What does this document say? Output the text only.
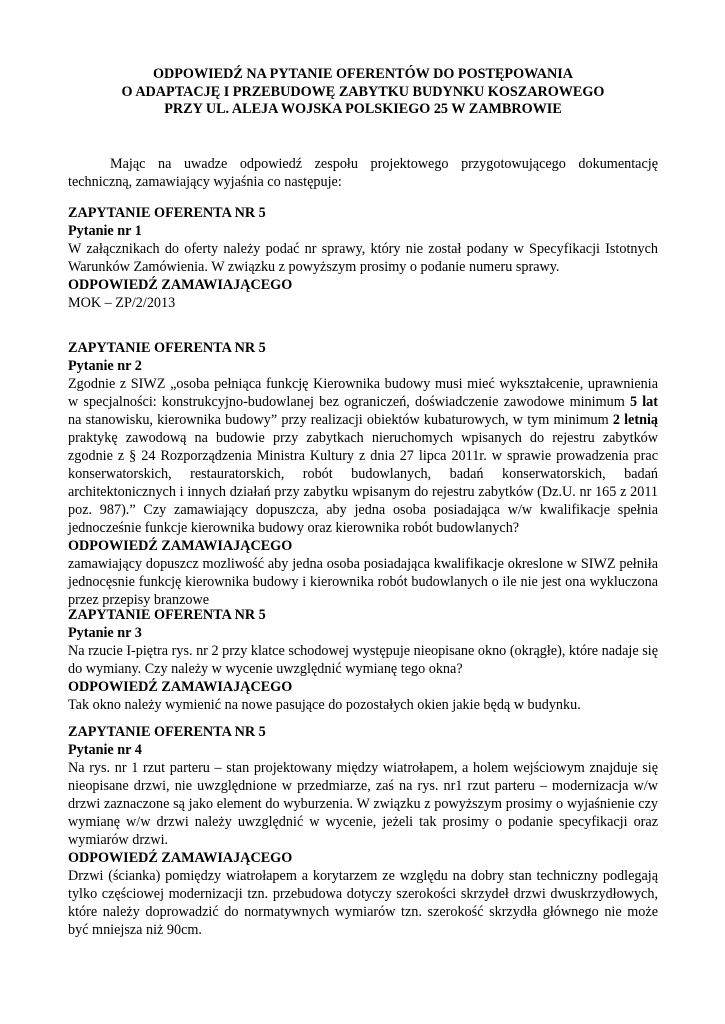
ODPOWIEDŹ NA PYTANIE OFERENTÓW DO POSTĘPOWANIA
O ADAPTACJĘ I PRZEBUDOWĘ ZABYTKU BUDYNKU KOSZAROWEGO
PRZY UL. ALEJA WOJSKA POLSKIEGO 25 W ZAMBROWIE
Mając na uwadze odpowiedź zespołu projektowego przygotowującego dokumentację techniczną, zamawiający wyjaśnia co następuje:
ZAPYTANIE OFERENTA NR 5
Pytanie nr 1
W załącznikach do oferty należy podać nr sprawy, który nie został podany w Specyfikacji Istotnych Warunków Zamówienia. W związku z powyższym prosimy o podanie numeru sprawy.
ODPOWIEDŹ ZAMAWIAJĄCEGO
MOK – ZP/2/2013
ZAPYTANIE OFERENTA NR 5
Pytanie nr 2
Zgodnie z SIWZ „osoba pełniąca funkcję Kierownika budowy musi mieć wykształcenie, uprawnienia w specjalności: konstrukcyjno-budowlanej bez ograniczeń, doświadczenie zawodowe minimum 5 lat na stanowisku, kierownika budowy” przy realizacji obiektów kubaturowych, w tym minimum 2 letnią praktykę zawodową na budowie przy zabytkach nieruchomych wpisanych do rejestru zabytków zgodnie z § 24 Rozporządzenia Ministra Kultury z dnia 27 lipca 2011r. w sprawie prowadzenia prac konserwatorskich, restauratorskich, robót budowlanych, badań konserwatorskich, badań architektonicznych i innych działań przy zabytku wpisanym do rejestru zabytków (Dz.U. nr 165 z 2011 poz. 987).” Czy zamawiający dopuszcza, aby jedna osoba posiadająca w/w kwalifikacje spełnia jednocześnie funkcje kierownika budowy oraz kierownika robót budowlanych?
ODPOWIEDŹ ZAMAWIAJĄCEGO
zamawiający dopuszcz mozliwość aby jedna osoba posiadająca kwalifikacje okreslone w SIWZ pełniła jednocęsnie funkcję kierownika budowy i kierownika robót budowlanych o ile nie jest ona wykluczona przez przepisy branzowe
ZAPYTANIE OFERENTA NR 5
Pytanie nr 3
Na rzucie I-piętra rys. nr 2 przy klatce schodowej występuje nieopisane okno (okrągłe), które nadaje się do wymiany. Czy należy w wycenie uwzględnić wymianę tego okna?
ODPOWIEDŹ ZAMAWIAJĄCEGO
Tak okno należy wymienić na nowe pasujące do pozostałych okien jakie będą w budynku.
ZAPYTANIE OFERENTA NR 5
Pytanie nr 4
Na rys. nr 1 rzut parteru – stan projektowany między wiatrołapem, a holem wejściowym znajduje się nieopisane drzwi, nie uwzględnione w przedmiarze, zaś na rys. nr1 rzut parteru – modernizacja w/w drzwi zaznaczone są jako element do wyburzenia. W związku z powyższym prosimy o wyjaśnienie czy wymianę w/w drzwi należy uwzględnić w wycenie, jeżeli tak prosimy o podanie specyfikacji oraz wymiarów drzwi.
ODPOWIEDŹ ZAMAWIAJĄCEGO
Drzwi (ścianka) pomiędzy wiatrołapem a korytarzem ze względu na dobry stan techniczny podlegają tylko częściowej modernizacji tzn. przebudowa dotyczy szerokości skrzydeł drzwi dwuskrzydłowych, które należy doprowadzić do normatywnych wymiarów tzn. szerokość skrzydła głównego nie może być mniejsza niż 90cm.
